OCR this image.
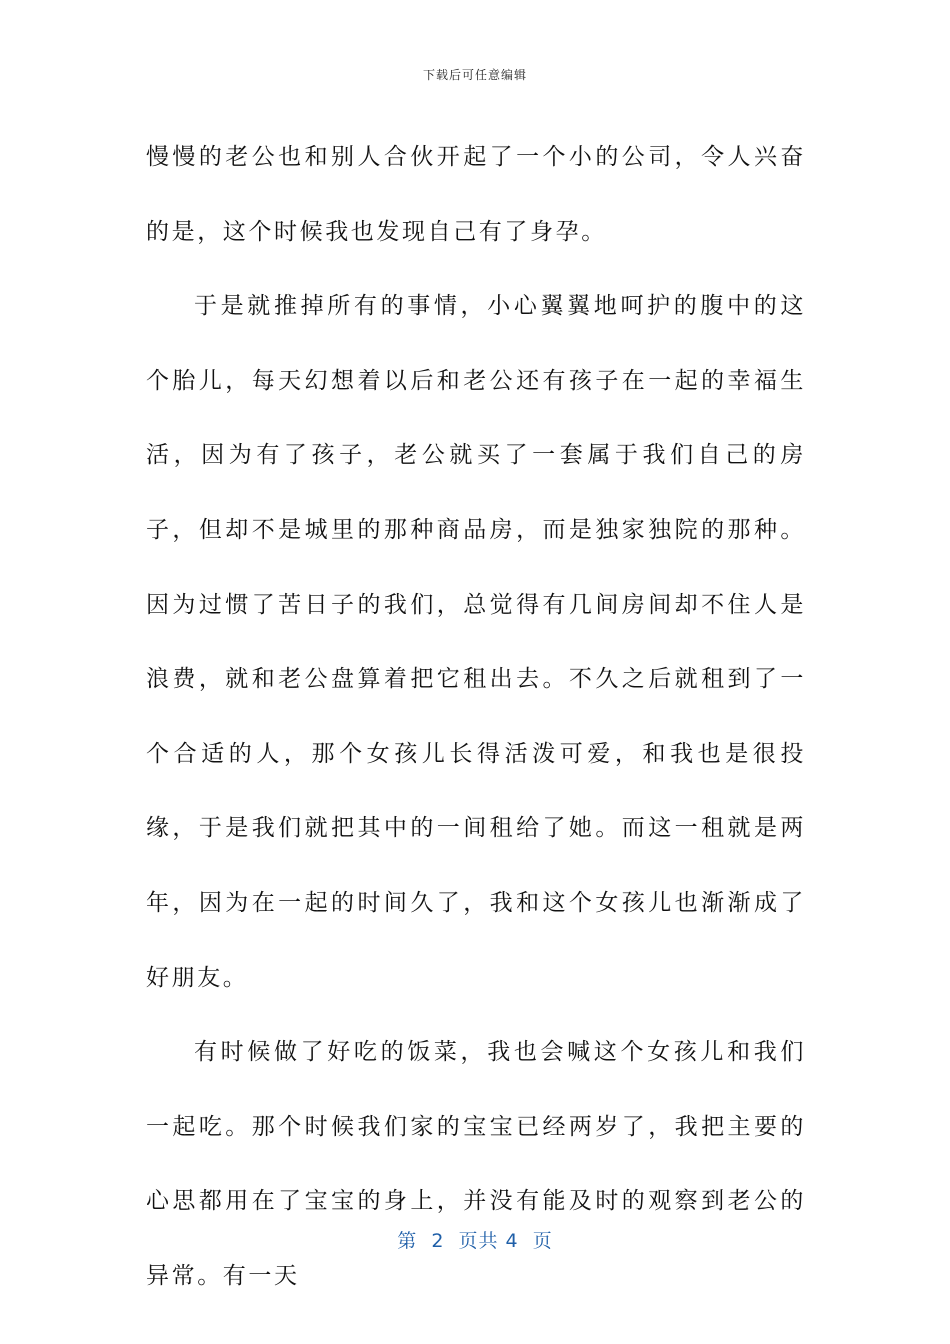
下载后可任意编辑

慢慢的老公也和别人合伙开起了一个小的公司，令人兴奋的是，这个时候我也发现自己有了身孕。

于是就推掉所有的事情，小心翼翼地呵护的腹中的这个胎儿，每天幻想着以后和老公还有孩子在一起的幸福生活，因为有了孩子，老公就买了一套属于我们自己的房子，但却不是城里的那种商品房，而是独家独院的那种。因为过惯了苦日子的我们，总觉得有几间房间却不住人是浪费，就和老公盘算着把它租出去。不久之后就租到了一个合适的人，那个女孩儿长得活泼可爱，和我也是很投缘，于是我们就把其中的一间租给了她。而这一租就是两年，因为在一起的时间久了，我和这个女孩儿也渐渐成了好朋友。

有时候做了好吃的饭菜，我也会喊这个女孩儿和我们一起吃。那个时候我们家的宝宝已经两岁了，我把主要的心思都用在了宝宝的身上，并没有能及时的观察到老公的异常。有一天

第  2  页共 4  页
